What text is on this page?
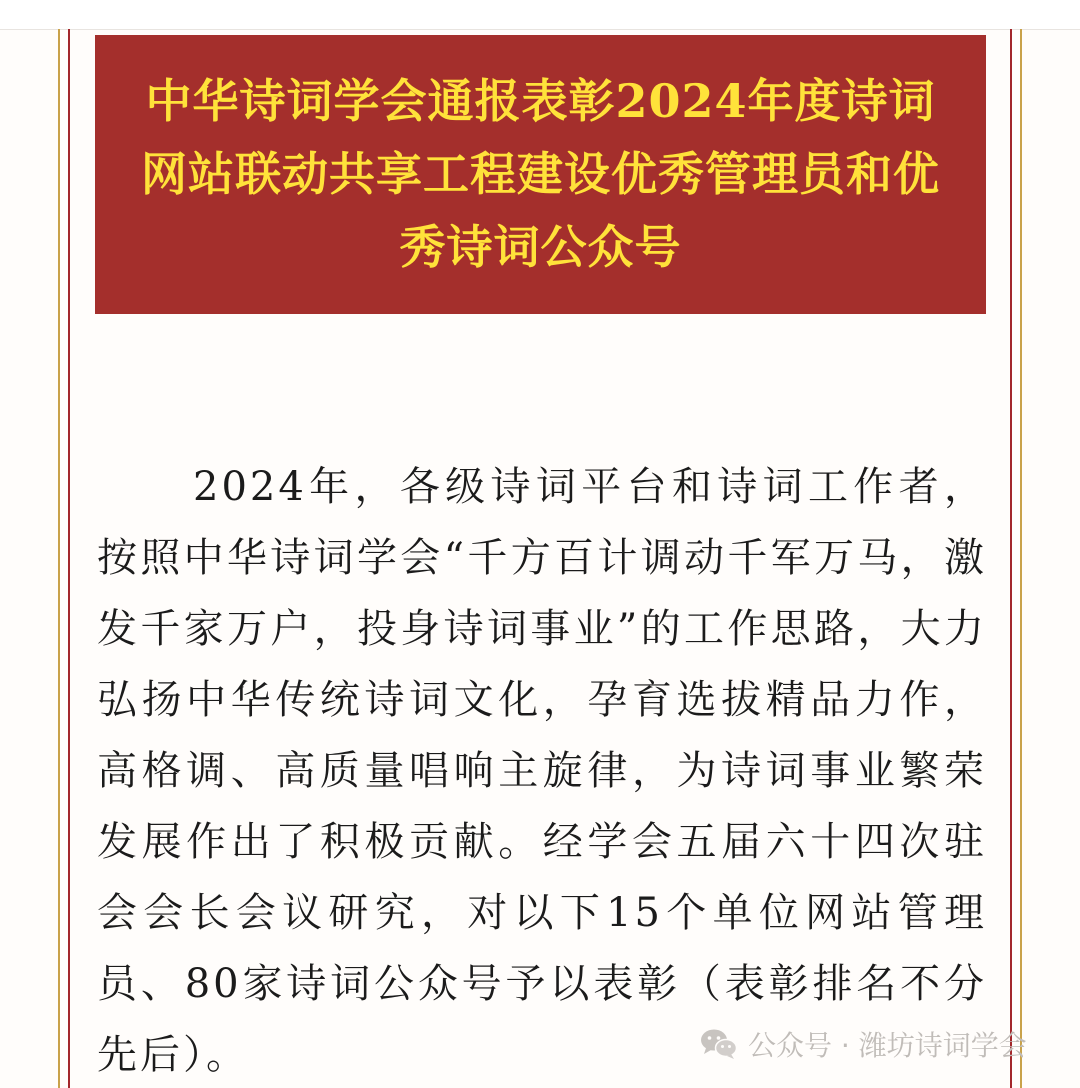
中华诗词学会通报表彰2024年度诗词网站联动共享工程建设优秀管理员和优秀诗词公众号

2024年，各级诗词平台和诗词工作者，按照中华诗词学会“千方百计调动千军万马，激发千家万户，投身诗词事业”的工作思路，大力弘扬中华传统诗词文化，孕育选拔精品力作，高格调、高质量唱响主旋律，为诗词事业繁荣发展作出了积极贡献。经学会五届六十四次驻会会长会议研究，对以下15个单位网站管理员、80家诗词公众号予以表彰（表彰排名不分先后）。	公众号 · 潍坊诗词学会
